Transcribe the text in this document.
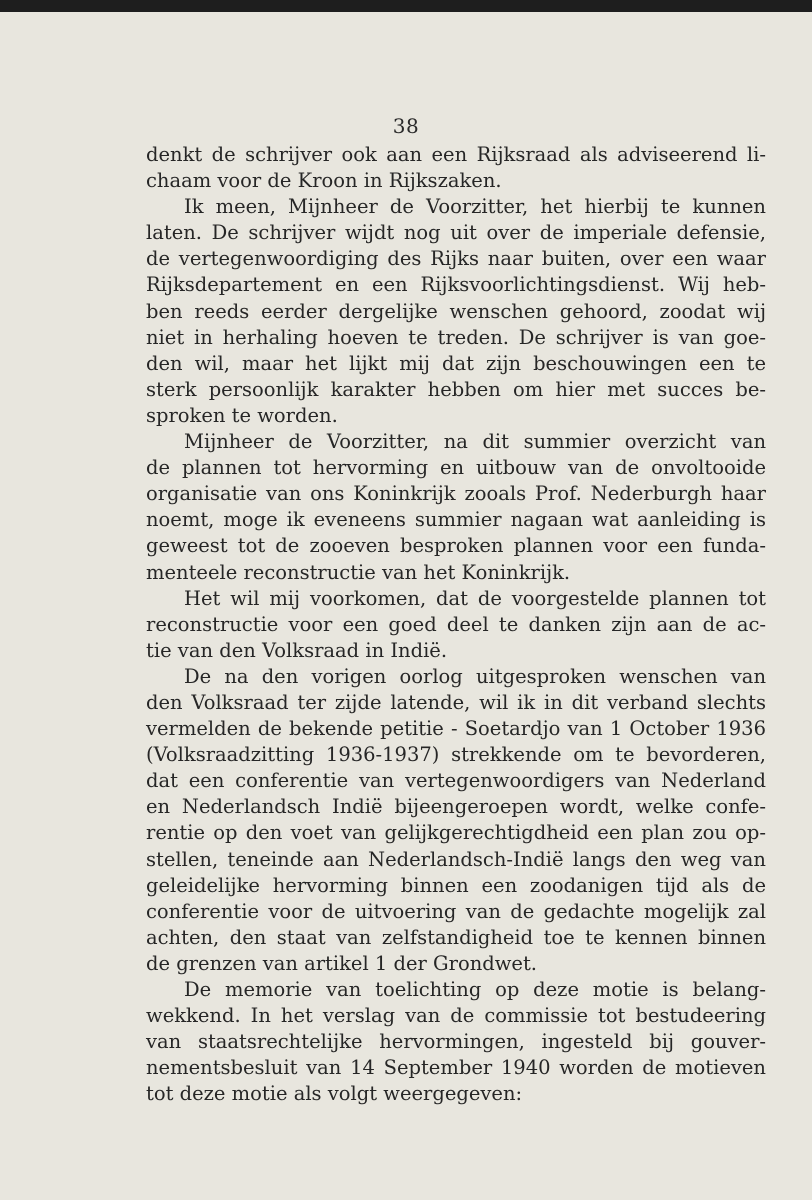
38
denkt de schrijver ook aan een Rijksraad als adviseerend li-
chaam voor de Kroon in Rijkszaken.
Ik meen, Mijnheer de Voorzitter, het hierbij te kunnen
laten. De schrijver wijdt nog uit over de imperiale defensie,
de vertegenwoordiging des Rijks naar buiten, over een waar
Rijksdepartement en een Rijksvoorlichtingsdienst. Wij heb-
ben reeds eerder dergelijke wenschen gehoord, zoodat wij
niet in herhaling hoeven te treden. De schrijver is van goe-
den wil, maar het lijkt mij dat zijn beschouwingen een te
sterk persoonlijk karakter hebben om hier met succes be-
sproken te worden.
Mijnheer de Voorzitter, na dit summier overzicht van
de plannen tot hervorming en uitbouw van de onvoltooide
organisatie van ons Koninkrijk zooals Prof. Nederburgh haar
noemt, moge ik eveneens summier nagaan wat aanleiding is
geweest tot de zooeven besproken plannen voor een funda-
menteele reconstructie van het Koninkrijk.
Het wil mij voorkomen, dat de voorgestelde plannen tot
reconstructie voor een goed deel te danken zijn aan de ac-
tie van den Volksraad in Indië.
De na den vorigen oorlog uitgesproken wenschen van
den Volksraad ter zijde latende, wil ik in dit verband slechts
vermelden de bekende petitie - Soetardjo van 1 October 1936
(Volksraadzitting 1936-1937) strekkende om te bevorderen,
dat een conferentie van vertegenwoordigers van Nederland
en Nederlandsch Indië bijeengeroepen wordt, welke confe-
rentie op den voet van gelijkgerechtigdheid een plan zou op-
stellen, teneinde aan Nederlandsch-Indië langs den weg van
geleidelijke hervorming binnen een zoodanigen tijd als de
conferentie voor de uitvoering van de gedachte mogelijk zal
achten, den staat van zelfstandigheid toe te kennen binnen
de grenzen van artikel 1 der Grondwet.
De memorie van toelichting op deze motie is belang-
wekkend. In het verslag van de commissie tot bestudeering
van staatsrechtelijke hervormingen, ingesteld bij gouver-
nementsbesluit van 14 September 1940 worden de motieven
tot deze motie als volgt weergegeven:
